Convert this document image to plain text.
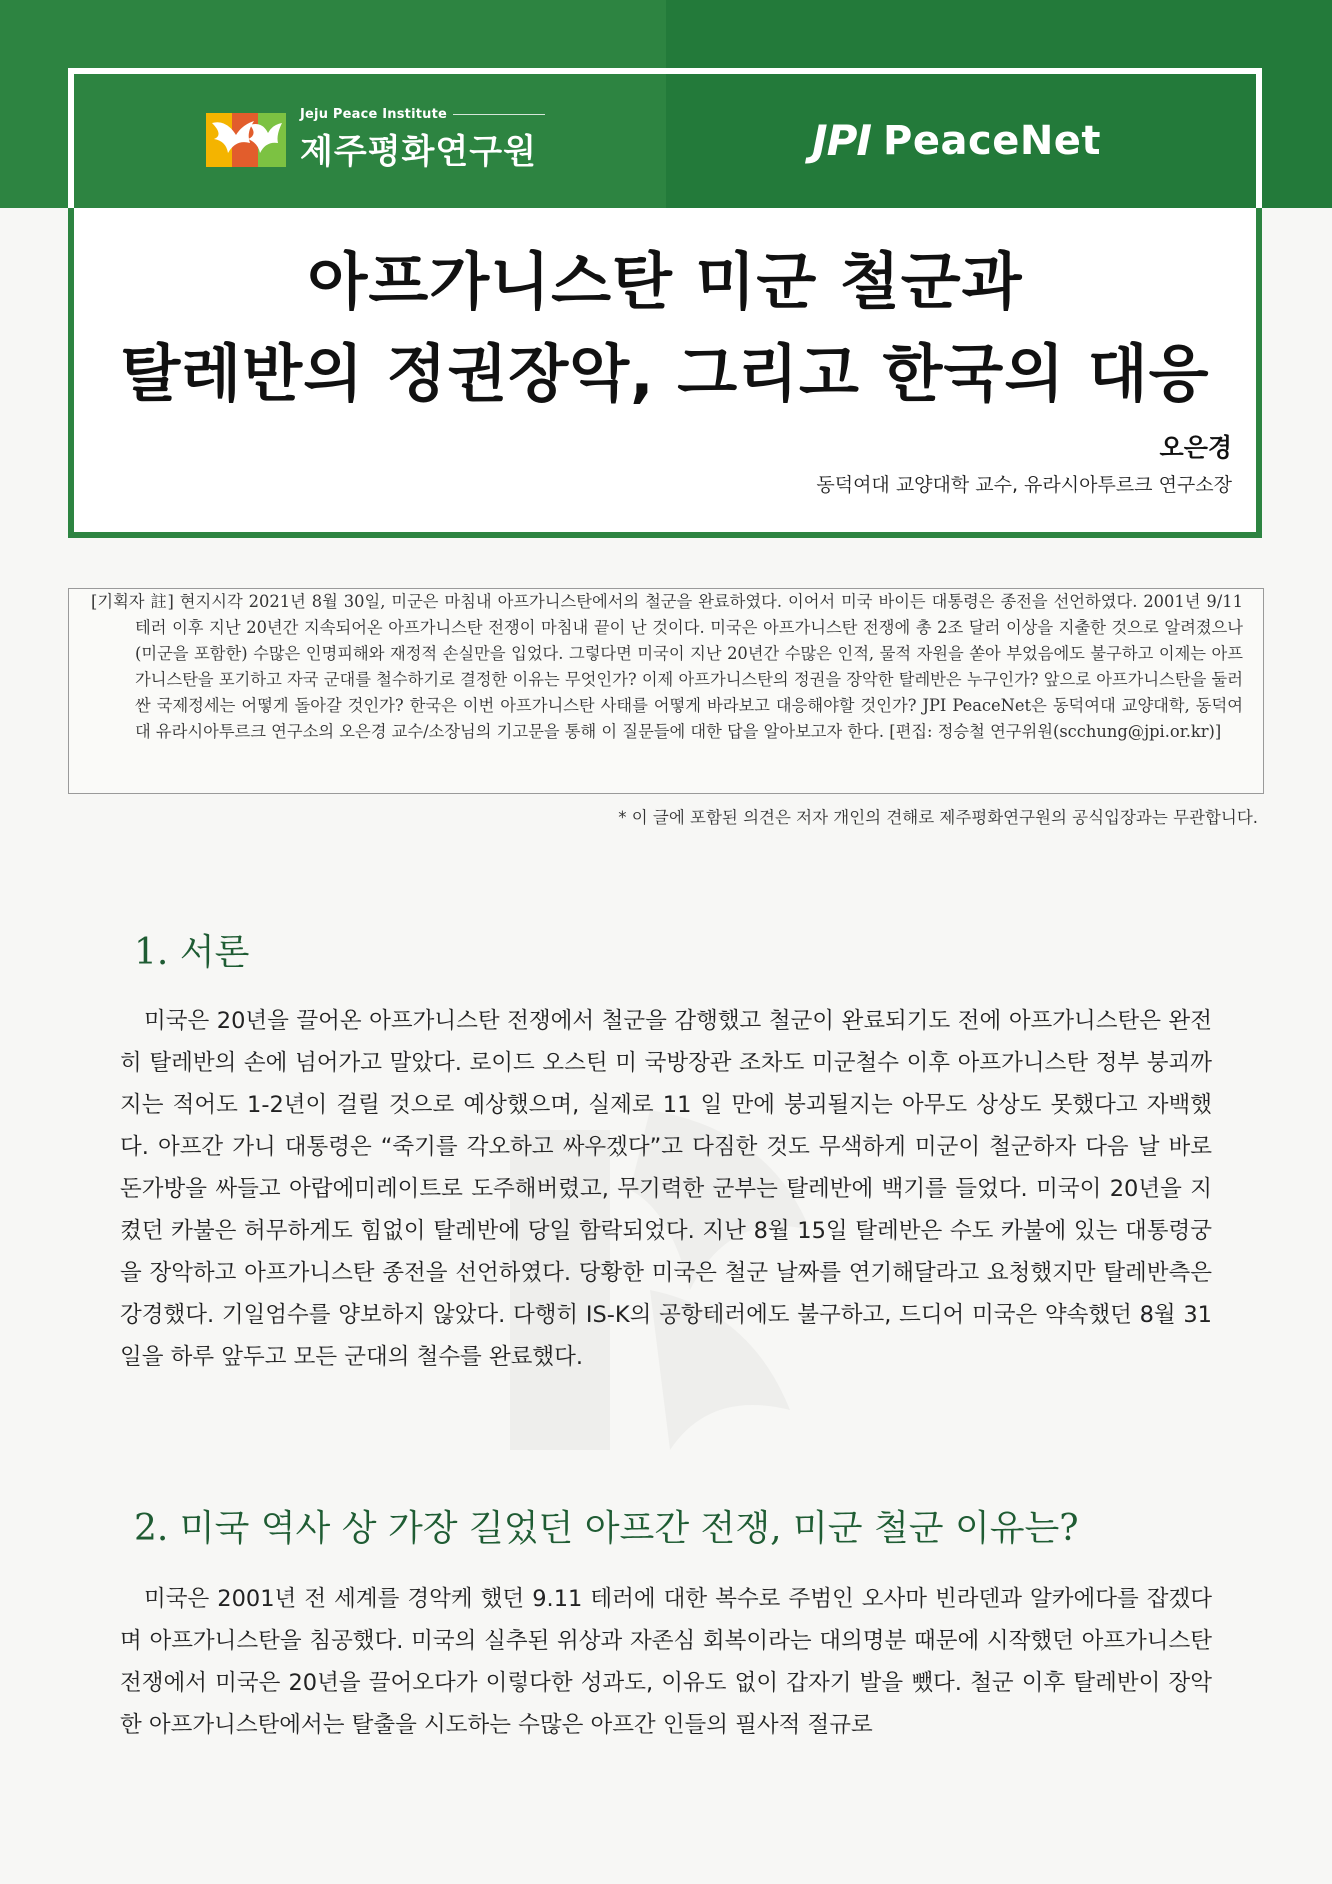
Jeju Peace Institute
제주평화연구원	JPI PeaceNet
아프가니스탄 미군 철군과
탈레반의 정권장악, 그리고 한국의 대응
오은경
동덕여대 교양대학 교수, 유라시아투르크 연구소장

[기획자 註] 현지시각 2021년 8월 30일, 미군은 마침내 아프가니스탄에서의 철군을 완료하였다. 이어서 미국 바이든 대통령은 종전을 선언하였다. 2001년 9/11 테러 이후 지난 20년간 지속되어온 아프가니스탄 전쟁이 마침내 끝이 난 것이다. 미국은 아프가니스탄 전쟁에 총 2조 달러 이상을 지출한 것으로 알려졌으나 (미군을 포함한) 수많은 인명피해와 재정적 손실만을 입었다. 그렇다면 미국이 지난 20년간 수많은 인적, 물적 자원을 쏟아 부었음에도 불구하고 이제는 아프가니스탄을 포기하고 자국 군대를 철수하기로 결정한 이유는 무엇인가? 이제 아프가니스탄의 정권을 장악한 탈레반은 누구인가? 앞으로 아프가니스탄을 둘러싼 국제정세는 어떻게 돌아갈 것인가? 한국은 이번 아프가니스탄 사태를 어떻게 바라보고 대응해야할 것인가? JPI PeaceNet은 동덕여대 교양대학, 동덕여대 유라시아투르크 연구소의 오은경 교수/소장님의 기고문을 통해 이 질문들에 대한 답을 알아보고자 한다. [편집: 정승철 연구위원(scchung@jpi.or.kr)]

* 이 글에 포함된 의견은 저자 개인의 견해로 제주평화연구원의 공식입장과는 무관합니다.
1. 서론

미국은 20년을 끌어온 아프가니스탄 전쟁에서 철군을 감행했고 철군이 완료되기도 전에 아프가니스탄은 완전히 탈레반의 손에 넘어가고 말았다. 로이드 오스틴 미 국방장관 조차도 미군철수 이후 아프가니스탄 정부 붕괴까지는 적어도 1-2년이 걸릴 것으로 예상했으며, 실제로 11 일 만에 붕괴될지는 아무도 상상도 못했다고 자백했다. 아프간 가니 대통령은 “죽기를 각오하고 싸우겠다”고 다짐한 것도 무색하게 미군이 철군하자 다음 날 바로 돈가방을 싸들고 아랍에미레이트로 도주해버렸고, 무기력한 군부는 탈레반에 백기를 들었다. 미국이 20년을 지켰던 카불은 허무하게도 힘없이 탈레반에 당일 함락되었다. 지난 8월 15일 탈레반은 수도 카불에 있는 대통령궁을 장악하고 아프가니스탄 종전을 선언하였다. 당황한 미국은 철군 날짜를 연기해달라고 요청했지만 탈레반측은 강경했다. 기일엄수를 양보하지 않았다. 다행히 IS-K의 공항테러에도 불구하고, 드디어 미국은 약속했던 8월 31일을 하루 앞두고 모든 군대의 철수를 완료했다.

2. 미국 역사 상 가장 길었던 아프간 전쟁, 미군 철군 이유는?

미국은 2001년 전 세계를 경악케 했던 9.11 테러에 대한 복수로 주범인 오사마 빈라덴과 알카에다를 잡겠다며 아프가니스탄을 침공했다. 미국의 실추된 위상과 자존심 회복이라는 대의명분 때문에 시작했던 아프가니스탄 전쟁에서 미국은 20년을 끌어오다가 이렇다한 성과도, 이유도 없이 갑자기 발을 뺐다. 철군 이후 탈레반이 장악한 아프가니스탄에서는 탈출을 시도하는 수많은 아프간 인들의 필사적 절규로
